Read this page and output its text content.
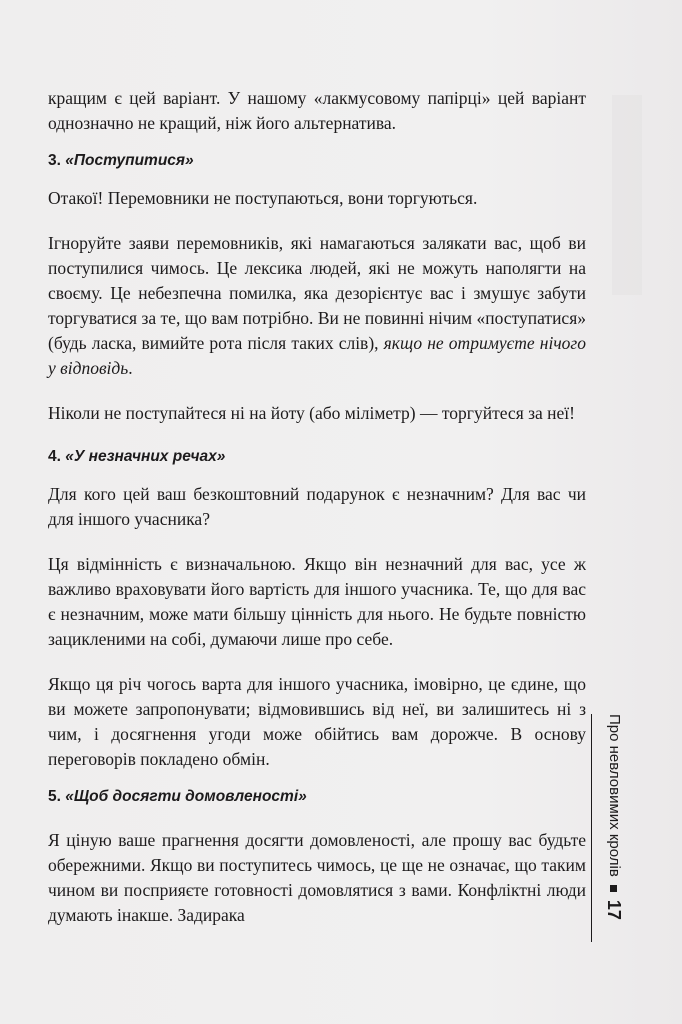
кращим є цей варіант. У нашому «лакмусовому папірці» цей варіант однозначно не кращий, ніж його альтернатива.

3. «Поступитися»

Отакої! Перемовники не поступаються, вони торгуються.

Ігноруйте заяви перемовників, які намагаються залякати вас, щоб ви поступилися чимось. Це лексика людей, які не можуть наполягти на своєму. Це небезпечна помилка, яка дезорієнтує вас і змушує забути торгуватися за те, що вам потрібно. Ви не повинні нічим «поступатися» (будь ласка, вимийте рота після таких слів), якщо не отримуєте нічого у відповідь.

Ніколи не поступайтеся ні на йоту (або міліметр) — торгуйтеся за неї!

4. «У незначних речах»

Для кого цей ваш безкоштовний подарунок є незначним? Для вас чи для іншого учасника?

Ця відмінність є визначальною. Якщо він незначний для вас, усе ж важливо враховувати його вартість для іншого учасника. Те, що для вас є незначним, може мати більшу цінність для нього. Не будьте повністю зацикленими на собі, думаючи лише про себе.

Якщо ця річ чогось варта для іншого учасника, імовірно, це єдине, що ви можете запропонувати; відмовившись від неї, ви залишитесь ні з чим, і досягнення угоди може обійтись вам дорожче. В основу переговорів покладено обмін.

5. «Щоб досягти домовленості»

Я ціную ваше прагнення досягти домовленості, але прошу вас будьте обережними. Якщо ви поступитесь чимось, це ще не означає, що таким чином ви посприяєте готовності домовлятися з вами. Конфліктні люди думають інакше. Задирака

Про невловимих кролів
17
